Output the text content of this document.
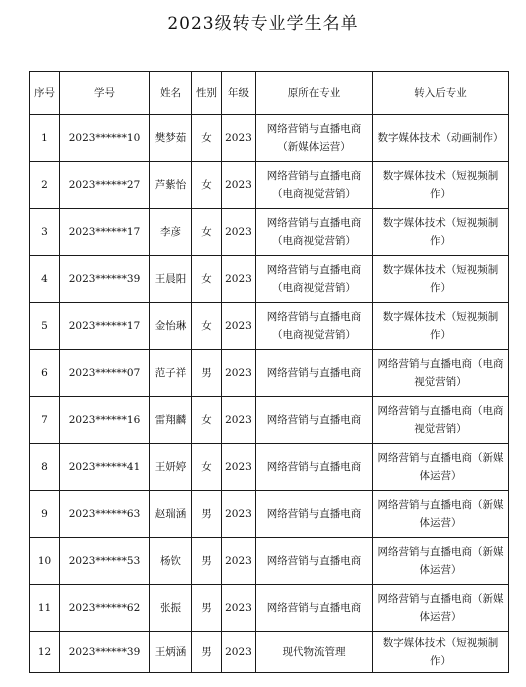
2023级转专业学生名单
序号	学号	姓名	性别	年级	原所在专业	转入后专业
1	2023******10	樊梦茹	女	2023	网络营销与直播电商（新媒体运营）	数字媒体技术（动画制作）
2	2023******27	芦紫怡	女	2023	网络营销与直播电商（电商视觉营销）	数字媒体技术（短视频制作）
3	2023******17	李彦	女	2023	网络营销与直播电商（电商视觉营销）	数字媒体技术（短视频制作）
4	2023******39	王晨阳	女	2023	网络营销与直播电商（电商视觉营销）	数字媒体技术（短视频制作）
5	2023******17	金怡琳	女	2023	网络营销与直播电商（电商视觉营销）	数字媒体技术（短视频制作）
6	2023******07	范子祥	男	2023	网络营销与直播电商	网络营销与直播电商（电商视觉营销）
7	2023******16	雷翔麟	女	2023	网络营销与直播电商	网络营销与直播电商（电商视觉营销）
8	2023******41	王妍婷	女	2023	网络营销与直播电商	网络营销与直播电商（新媒体运营）
9	2023******63	赵瑞涵	男	2023	网络营销与直播电商	网络营销与直播电商（新媒体运营）
10	2023******53	杨钦	男	2023	网络营销与直播电商	网络营销与直播电商（新媒体运营）
11	2023******62	张振	男	2023	网络营销与直播电商	网络营销与直播电商（新媒体运营）
12	2023******39	王炳涵	男	2023	现代物流管理	数字媒体技术（短视频制作）
